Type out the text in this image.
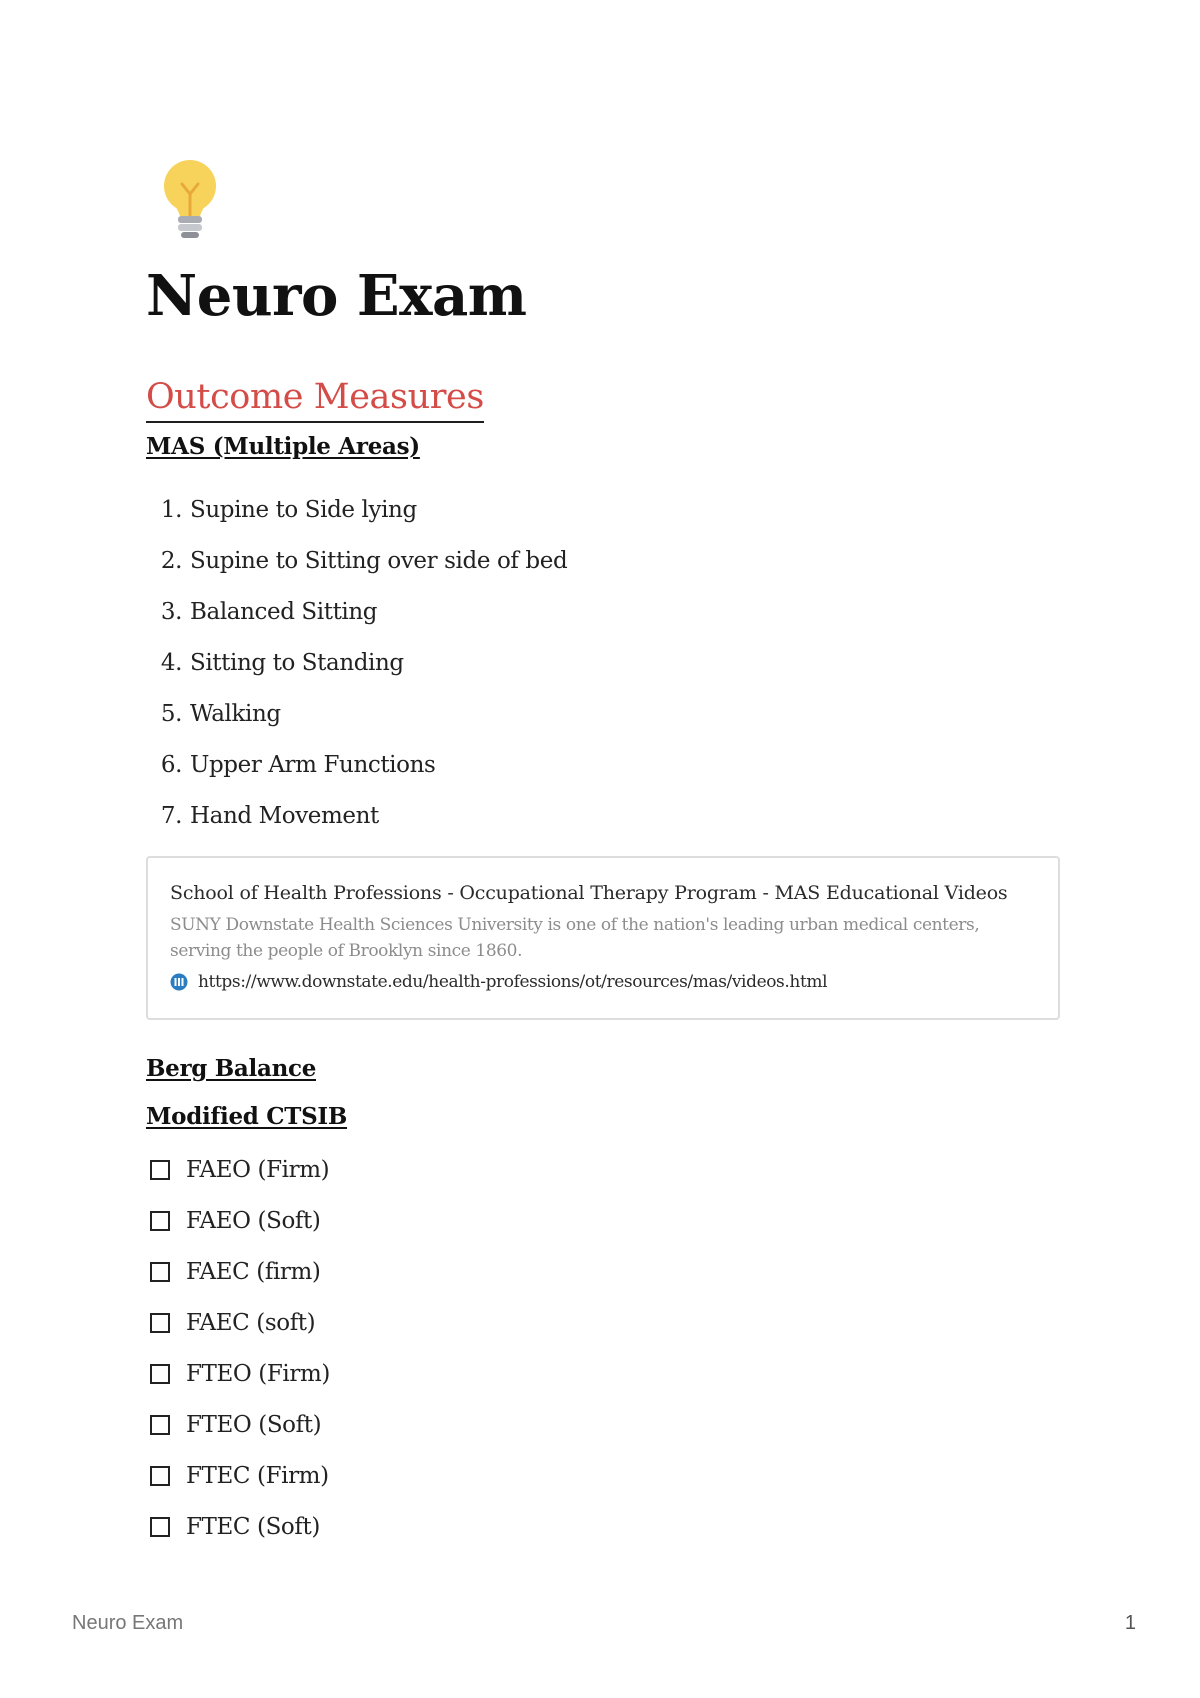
Neuro Exam
Outcome Measures
MAS (Multiple Areas)
1. Supine to Side lying
2. Supine to Sitting over side of bed
3. Balanced Sitting
4. Sitting to Standing
5. Walking
6. Upper Arm Functions
7. Hand Movement
School of Health Professions - Occupational Therapy Program - MAS Educational Videos
SUNY Downstate Health Sciences University is one of the nation's leading urban medical centers, serving the people of Brooklyn since 1860.
https://www.downstate.edu/health-professions/ot/resources/mas/videos.html
Berg Balance
Modified CTSIB
FAEO (Firm)
FAEO (Soft)
FAEC (firm)
FAEC (soft)
FTEO (Firm)
FTEO (Soft)
FTEC (Firm)
FTEC (Soft)
Neuro Exam	1
